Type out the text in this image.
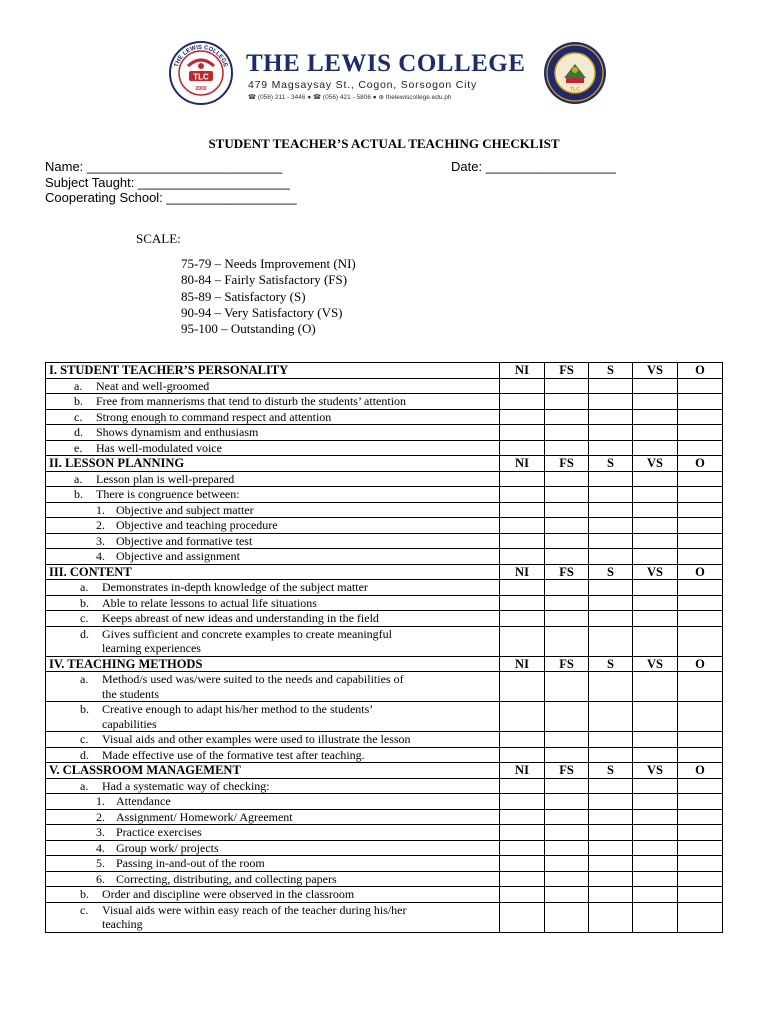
TLC
2000
THE LEWIS COLLEGE THE LEWIS COLLEGE
479 Magsaysay St., Cogon, Sorsogon City
☎ (056) 211 - 3446 ● ☎ (056) 421 - 5806 ● ⊕ thelewiscollege.edu.ph
TLC
STUDENT TEACHER’S ACTUAL TEACHING CHECKLIST
Name: ___________________________	Date: __________________
Subject Taught: _____________________
Cooperating School: __________________
SCALE:
75-79 – Needs Improvement (NI)
80-84 – Fairly Satisfactory (FS)
85-89 – Satisfactory (S)
90-94 – Very Satisfactory (VS)
95-100 – Outstanding (O)
I. STUDENT TEACHER’S PERSONALITY	NI	FS	S	VS	O
a. Neat and well-groomed					
b. Free from mannerisms that tend to disturb the students’ attention					
c. Strong enough to command respect and attention					
d. Shows dynamism and enthusiasm					
e. Has well-modulated voice					
II. LESSON PLANNING	NI	FS	S	VS	O
a. Lesson plan is well-prepared					
b. There is congruence between:					
1. Objective and subject matter					
2. Objective and teaching procedure					
3. Objective and formative test					
4. Objective and assignment					
III. CONTENT	NI	FS	S	VS	O
a. Demonstrates in-depth knowledge of the subject matter					
b. Able to relate lessons to actual life situations					
c. Keeps abreast of new ideas and understanding in the field					
d. Gives sufficient and concrete examples to create meaningful
learning experiences					

IV. TEACHING METHODS	NI	FS	S	VS	O
a. Method/s used was/were suited to the needs and capabilities of
the students					

b. Creative enough to adapt his/her method to the students’
capabilities					

c. Visual aids and other examples were used to illustrate the lesson					
d. Made effective use of the formative test after teaching.					
V. CLASSROOM MANAGEMENT	NI	FS	S	VS	O
a. Had a systematic way of checking:					
1. Attendance					
2. Assignment/ Homework/ Agreement					
3. Practice exercises					
4. Group work/ projects					
5. Passing in-and-out of the room					
6. Correcting, distributing, and collecting papers					
b. Order and discipline were observed in the classroom					
c. Visual aids were within easy reach of the teacher during his/her
teaching					
